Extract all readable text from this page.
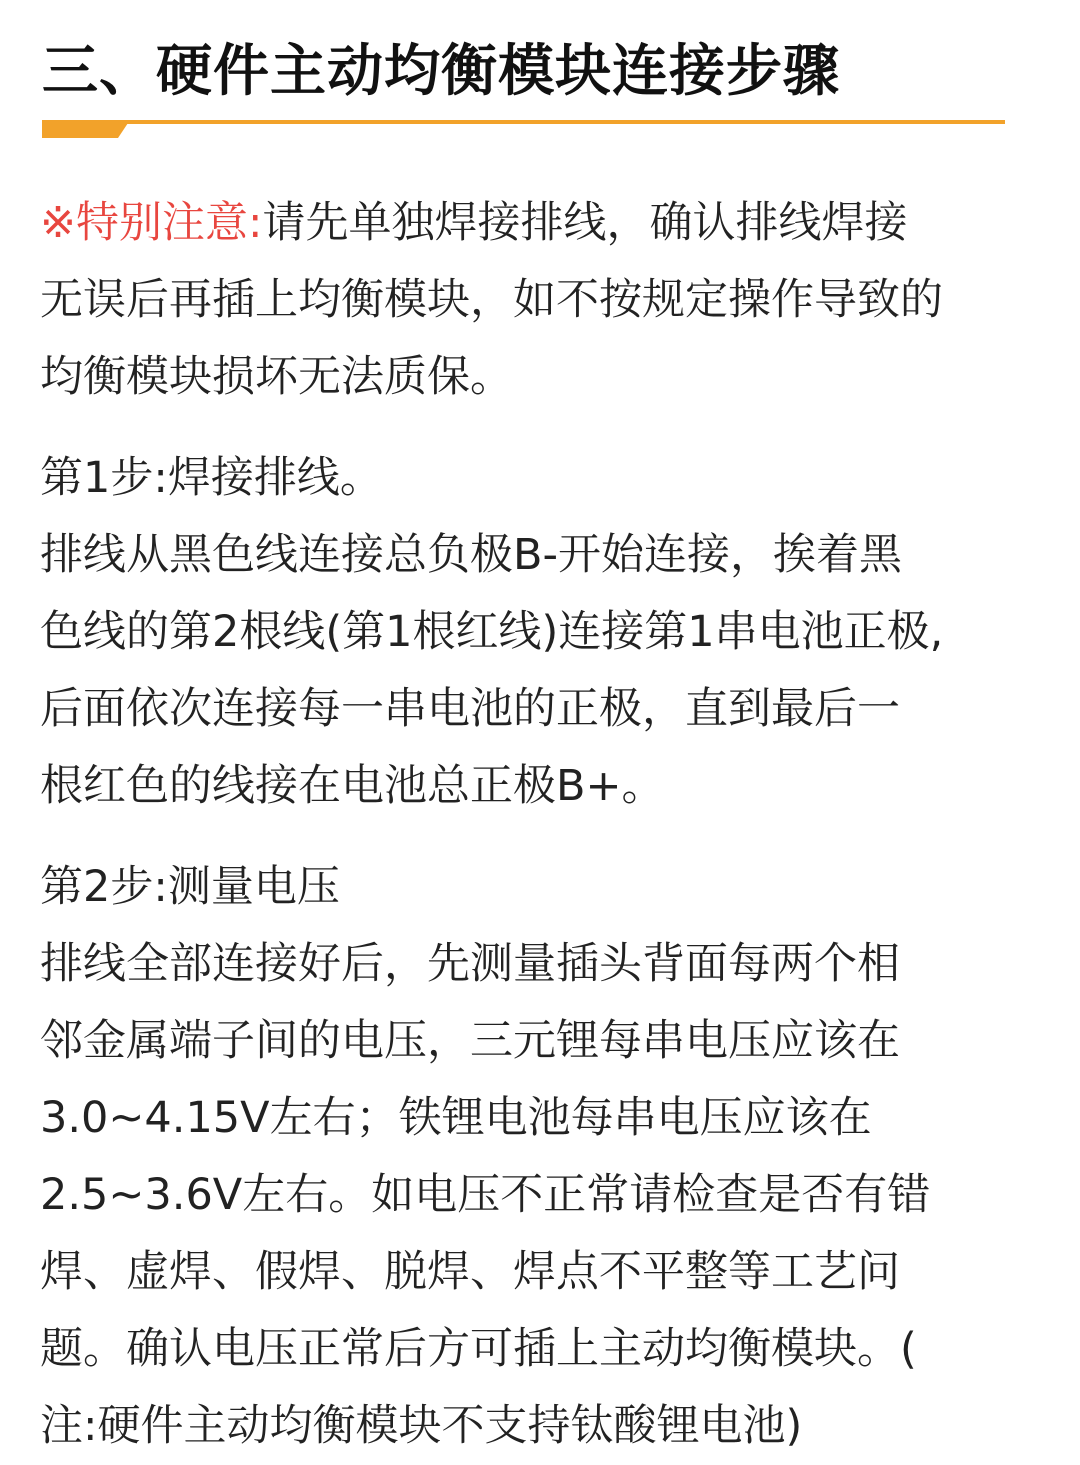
三、硬件主动均衡模块连接步骤

※特别注意:请先单独焊接排线，确认排线焊接
无误后再插上均衡模块，如不按规定操作导致的
均衡模块损坏无法质保。

第1步:焊接排线。
排线从黑色线连接总负极B-开始连接，挨着黑
色线的第2根线(第1根红线)连接第1串电池正极,
后面依次连接每一串电池的正极，直到最后一
根红色的线接在电池总正极B+。

第2步:测量电压
排线全部连接好后，先测量插头背面每两个相
邻金属端子间的电压，三元锂每串电压应该在
3.0~4.15V左右；铁锂电池每串电压应该在
2.5~3.6V左右。如电压不正常请检查是否有错
焊、虚焊、假焊、脱焊、焊点不平整等工艺问
题。确认电压正常后方可插上主动均衡模块。(
注:硬件主动均衡模块不支持钛酸锂电池)
